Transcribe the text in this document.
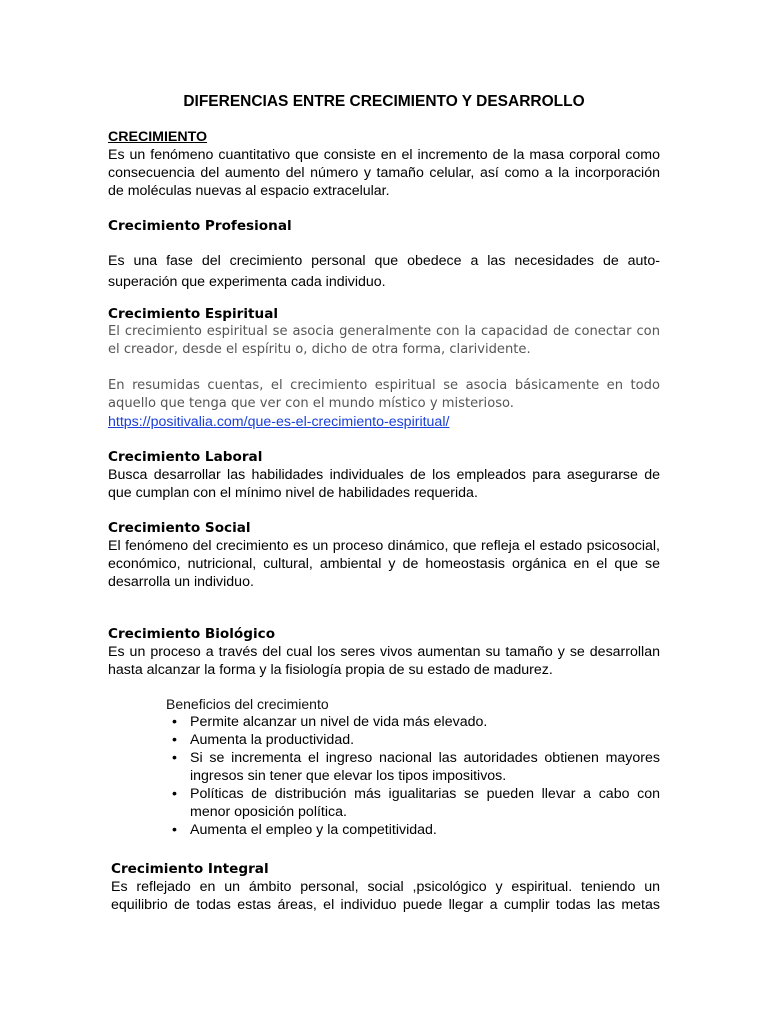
DIFERENCIAS ENTRE CRECIMIENTO Y DESARROLLO

CRECIMIENTO

Es un fenómeno cuantitativo que consiste en el incremento de la masa corporal como consecuencia del aumento del número y tamaño celular, así como a la incorporación de moléculas nuevas al espacio extracelular.

Crecimiento Profesional

Es una fase del crecimiento personal que obedece a las necesidades de auto-superación que experimenta cada individuo.

Crecimiento Espiritual

El crecimiento espiritual se asocia generalmente con la capacidad de conectar con el creador, desde el espíritu o, dicho de otra forma, clarividente.

En resumidas cuentas, el crecimiento espiritual se asocia básicamente en todo aquello que tenga que ver con el mundo místico y misterioso.

https://positivalia.com/que-es-el-crecimiento-espiritual/

Crecimiento Laboral

Busca desarrollar las habilidades individuales de los empleados para asegurarse de que cumplan con el mínimo nivel de habilidades requerida.

Crecimiento Social

El fenómeno del crecimiento es un proceso dinámico, que refleja el estado psicosocial, económico, nutricional, cultural, ambiental y de homeostasis orgánica en el que se desarrolla un individuo.

Crecimiento Biológico

Es un proceso a través del cual los seres vivos aumentan su tamaño y se desarrollan hasta alcanzar la forma y la fisiología propia de su estado de madurez.

Beneficios del crecimiento

• Permite alcanzar un nivel de vida más elevado.
• Aumenta la productividad.
• Si se incrementa el ingreso nacional las autoridades obtienen mayores ingresos sin tener que elevar los tipos impositivos.
• Políticas de distribución más igualitarias se pueden llevar a cabo con menor oposición política.
• Aumenta el empleo y la competitividad.

Crecimiento Integral

Es reflejado en un ámbito personal, social ,psicológico y espiritual. teniendo un equilibrio de todas estas áreas, el individuo puede llegar a cumplir todas las metas
